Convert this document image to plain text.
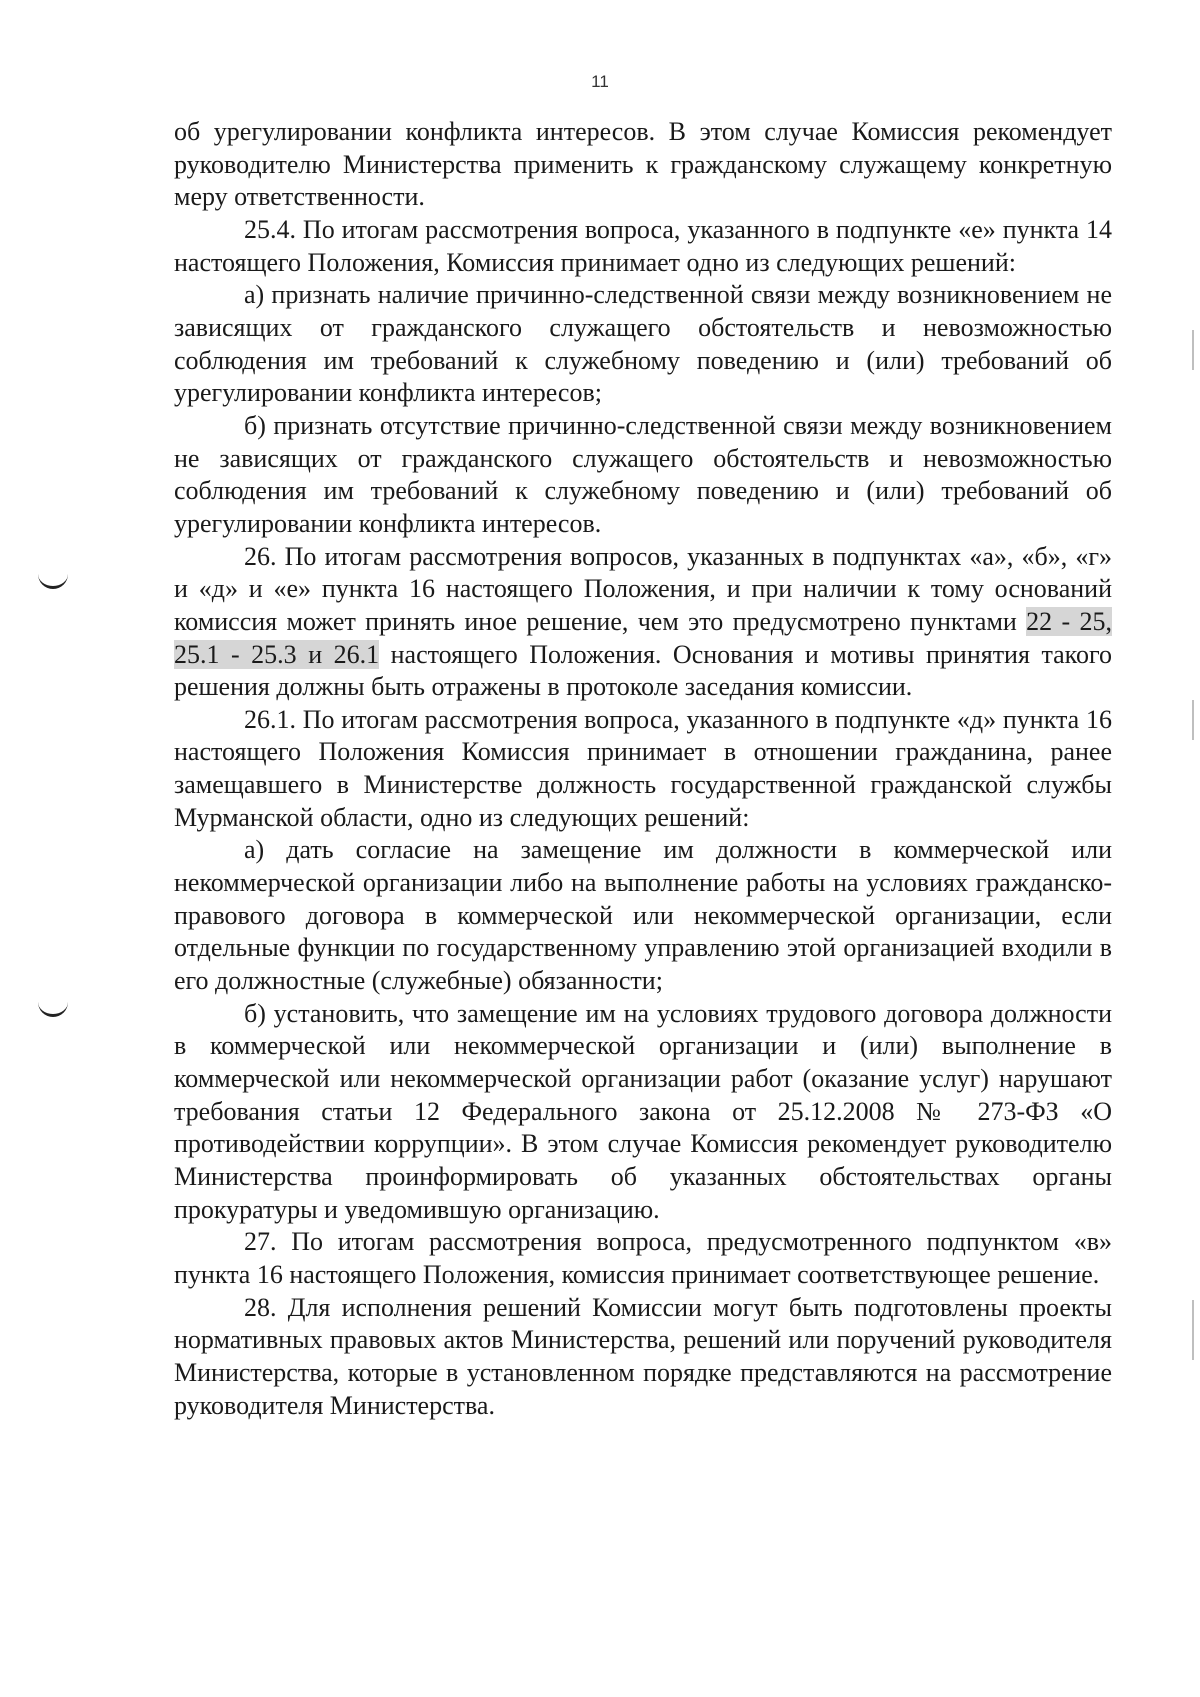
11

об урегулировании конфликта интересов. В этом случае Комиссия рекомендует руководителю Министерства применить к гражданскому служащему конкретную меру ответственности.

25.4. По итогам рассмотрения вопроса, указанного в подпункте «е» пункта 14 настоящего Положения, Комиссия принимает одно из следующих решений:

а) признать наличие причинно-следственной связи между возникновением не зависящих от гражданского служащего обстоятельств и невозможностью соблюдения им требований к служебному поведению и (или) требований об урегулировании конфликта интересов;

б) признать отсутствие причинно-следственной связи между возникновением не зависящих от гражданского служащего обстоятельств и невозможностью соблюдения им требований к служебному поведению и (или) требований об урегулировании конфликта интересов.

26. По итогам рассмотрения вопросов, указанных в подпунктах «а», «б», «г» и «д» и «е» пункта 16 настоящего Положения, и при наличии к тому оснований комиссия может принять иное решение, чем это предусмотрено пунктами 22 - 25, 25.1 - 25.3 и 26.1 настоящего Положения. Основания и мотивы принятия такого решения должны быть отражены в протоколе заседания комиссии.

26.1. По итогам рассмотрения вопроса, указанного в подпункте «д» пункта 16 настоящего Положения Комиссия принимает в отношении гражданина, ранее замещавшего в Министерстве должность государственной гражданской службы Мурманской области, одно из следующих решений:

а) дать согласие на замещение им должности в коммерческой или некоммерческой организации либо на выполнение работы на условиях гражданско-правового договора в коммерческой или некоммерческой организации, если отдельные функции по государственному управлению этой организацией входили в его должностные (служебные) обязанности;

б) установить, что замещение им на условиях трудового договора должности в коммерческой или некоммерческой организации и (или) выполнение в коммерческой или некоммерческой организации работ (оказание услуг) нарушают требования статьи 12 Федерального закона от 25.12.2008 № 273-ФЗ «О противодействии коррупции». В этом случае Комиссия рекомендует руководителю Министерства проинформировать об указанных обстоятельствах органы прокуратуры и уведомившую организацию.

27. По итогам рассмотрения вопроса, предусмотренного подпунктом «в» пункта 16 настоящего Положения, комиссия принимает соответствующее решение.

28. Для исполнения решений Комиссии могут быть подготовлены проекты нормативных правовых актов Министерства, решений или поручений руководителя Министерства, которые в установленном порядке представляются на рассмотрение руководителя Министерства.
